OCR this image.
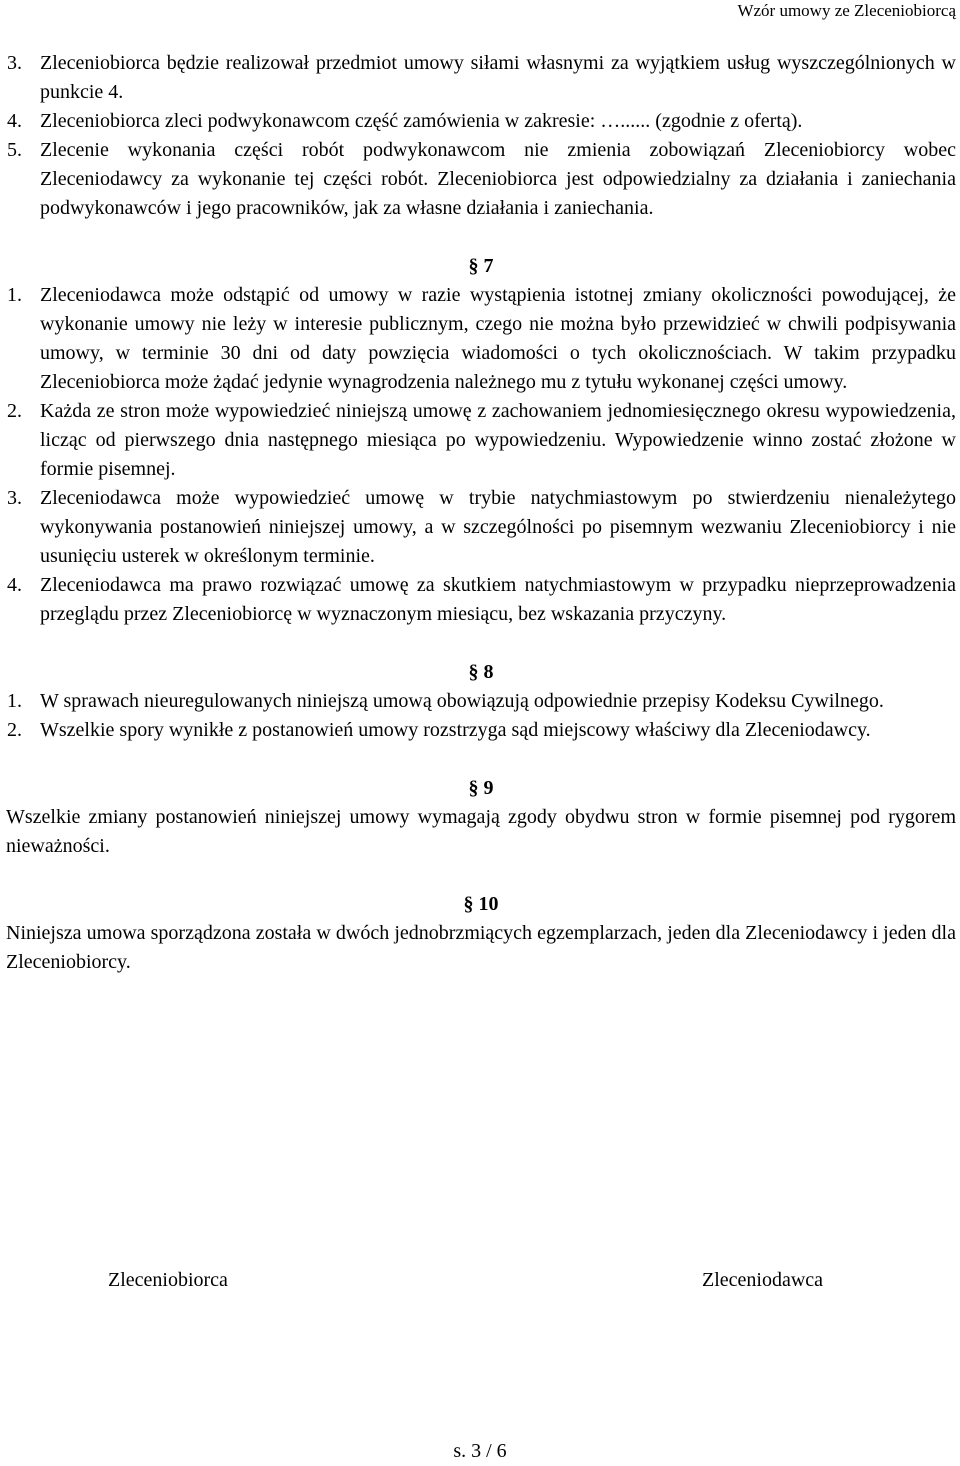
Wzór umowy ze Zleceniobiorcą
3. Zleceniobiorca będzie realizował przedmiot umowy siłami własnymi za wyjątkiem usług wyszczególnionych w punkcie 4.
4. Zleceniobiorca zleci podwykonawcom część zamówienia w zakresie: …...... (zgodnie z ofertą).
5. Zlecenie wykonania części robót podwykonawcom nie zmienia zobowiązań Zleceniobiorcy wobec Zleceniodawcy za wykonanie tej części robót. Zleceniobiorca jest odpowiedzialny za działania i zaniechania podwykonawców i jego pracowników, jak za własne działania i zaniechania.
§ 7
1. Zleceniodawca może odstąpić od umowy w razie wystąpienia istotnej zmiany okoliczności powodującej, że wykonanie umowy nie leży w interesie publicznym, czego nie można było przewidzieć w chwili podpisywania umowy, w terminie 30 dni od daty powzięcia wiadomości o tych okolicznościach. W takim przypadku Zleceniobiorca może żądać jedynie wynagrodzenia należnego mu z tytułu wykonanej części umowy.
2. Każda ze stron może wypowiedzieć niniejszą umowę z zachowaniem jednomiesięcznego okresu wypowiedzenia, licząc od pierwszego dnia następnego miesiąca po wypowiedzeniu. Wypowiedzenie winno zostać złożone w formie pisemnej.
3. Zleceniodawca może wypowiedzieć umowę w trybie natychmiastowym po stwierdzeniu nienależytego wykonywania postanowień niniejszej umowy, a w szczególności po pisemnym wezwaniu Zleceniobiorcy i nie usunięciu usterek w określonym terminie.
4. Zleceniodawca ma prawo rozwiązać umowę za skutkiem natychmiastowym w przypadku nieprzeprowadzenia przeglądu przez Zleceniobiorcę w wyznaczonym miesiącu, bez wskazania przyczyny.
§ 8
1. W sprawach nieuregulowanych niniejszą umową obowiązują odpowiednie przepisy Kodeksu Cywilnego.
2. Wszelkie spory wynikłe z postanowień umowy rozstrzyga sąd miejscowy właściwy dla Zleceniodawcy.
§ 9
Wszelkie zmiany postanowień niniejszej umowy wymagają zgody obydwu stron w formie pisemnej pod rygorem nieważności.
§ 10
Niniejsza umowa sporządzona została w dwóch jednobrzmiących egzemplarzach, jeden dla Zleceniodawcy i jeden dla Zleceniobiorcy.
Zleceniobiorca	Zleceniodawca
s. 3 / 6
